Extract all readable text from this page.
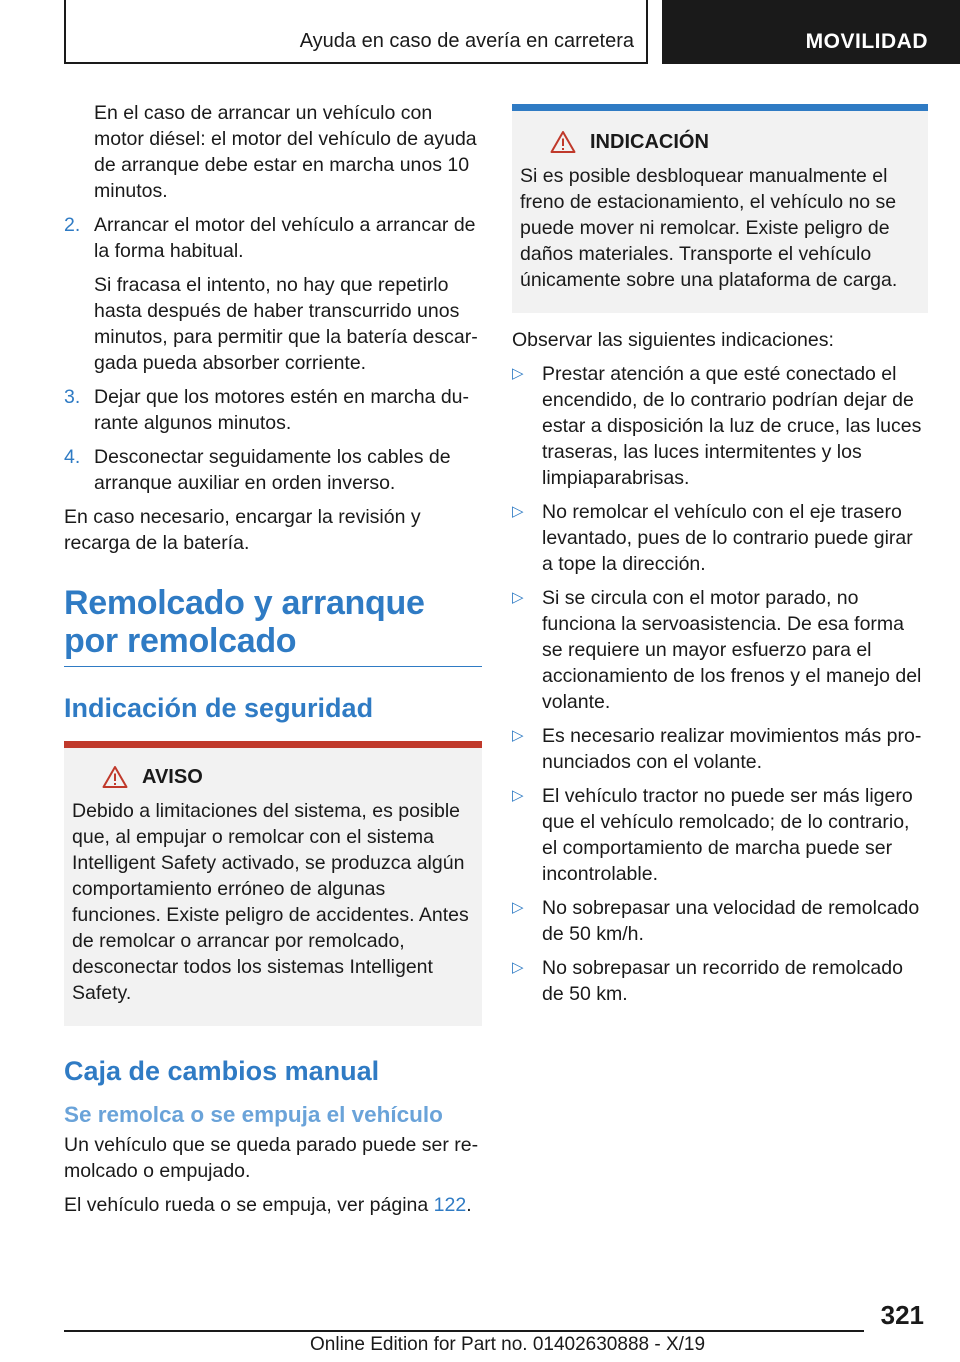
Ayuda en caso de avería en carretera	MOVILIDAD

En el caso de arrancar un vehículo con motor diésel: el motor del vehículo de ayuda de arranque debe estar en marcha unos 10 minutos.

2. Arrancar el motor del vehículo a arrancar de la forma habitual.

Si fracasa el intento, no hay que repetirlo hasta después de haber transcurrido unos minutos, para permitir que la batería descargada pueda absorber corriente.

3. Dejar que los motores estén en marcha durante algunos minutos.
4. Desconectar seguidamente los cables de arranque auxiliar en orden inverso.

En caso necesario, encargar la revisión y recarga de la batería.

Remolcado y arranque por remolcado
Indicación de seguridad
AVISO
Debido a limitaciones del sistema, es posible que, al empujar o remolcar con el sistema Intelligent Safety activado, se produzca algún comportamiento erróneo de algunas funciones. Existe peligro de accidentes. Antes de remolcar o arrancar por remolcado, desconectar todos los sistemas Intelligent Safety.
Caja de cambios manual
Se remolca o se empuja el vehículo

Un vehículo que se queda parado puede ser remolcado o empujado.

El vehículo rueda o se empuja, ver página 122.

INDICACIÓN
Si es posible desbloquear manualmente el freno de estacionamiento, el vehículo no se puede mover ni remolcar. Existe peligro de daños materiales. Transporte el vehículo únicamente sobre una plataforma de carga.

Observar las siguientes indicaciones:

▷ Prestar atención a que esté conectado el encendido, de lo contrario podrían dejar de estar a disposición la luz de cruce, las luces traseras, las luces intermitentes y los limpiaparabrisas.
▷ No remolcar el vehículo con el eje trasero levantado, pues de lo contrario puede girar a tope la dirección.
▷ Si se circula con el motor parado, no funciona la servoasistencia. De esa forma se requiere un mayor esfuerzo para el accionamiento de los frenos y el manejo del volante.
▷ Es necesario realizar movimientos más pronunciados con el volante.
▷ El vehículo tractor no puede ser más ligero que el vehículo remolcado; de lo contrario, el comportamiento de marcha puede ser incontrolable.
▷ No sobrepasar una velocidad de remolcado de 50 km/h.
▷ No sobrepasar un recorrido de remolcado de 50 km.
321
Online Edition for Part no. 01402630888 - X/19
